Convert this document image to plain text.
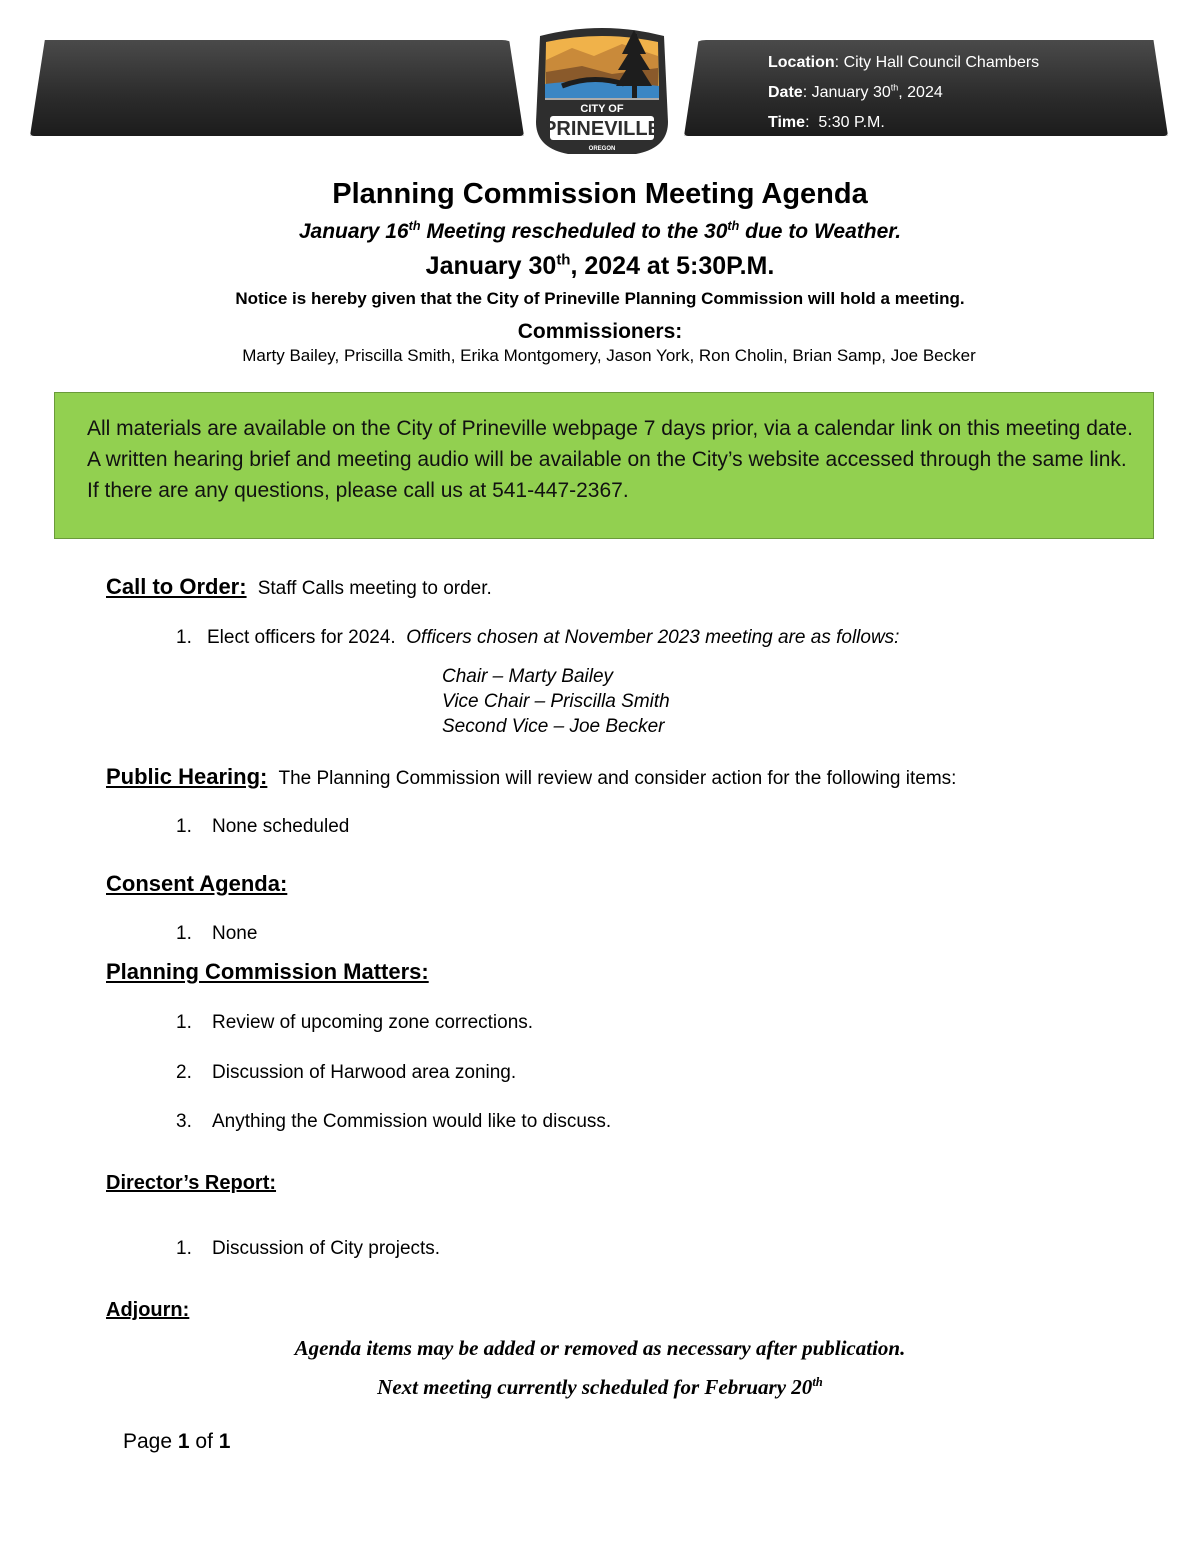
Location: City Hall Council Chambers
Date: January 30th, 2024
Time:  5:30 P.M.
CITY OF
PRINEVILLE
OREGON
Planning Commission Meeting Agenda
January 16th Meeting rescheduled to the 30th due to Weather.
January 30th, 2024 at 5:30P.M.
Notice is hereby given that the City of Prineville Planning Commission will hold a meeting.
Commissioners:
Marty Bailey, Priscilla Smith, Erika Montgomery, Jason York, Ron Cholin, Brian Samp, Joe Becker

All materials are available on the City of Prineville webpage 7 days prior, via a calendar link on this meeting date. A written hearing brief and meeting audio will be available on the City’s website accessed through the same link. If there are any questions, please call us at 541-447-2367.

Call to Order: Staff Calls meeting to order.
1. Elect officers for 2024. Officers chosen at November 2023 meeting are as follows:
Chair – Marty Bailey
Vice Chair – Priscilla Smith
Second Vice – Joe Becker
Public Hearing: The Planning Commission will review and consider action for the following items:
1. None scheduled
Consent Agenda:
1. None
Planning Commission Matters:
1. Review of upcoming zone corrections.
2. Discussion of Harwood area zoning.
3. Anything the Commission would like to discuss.
Director’s Report:
1. Discussion of City projects.
Adjourn:
Agenda items may be added or removed as necessary after publication.
Next meeting currently scheduled for February 20th
Page 1 of 1
